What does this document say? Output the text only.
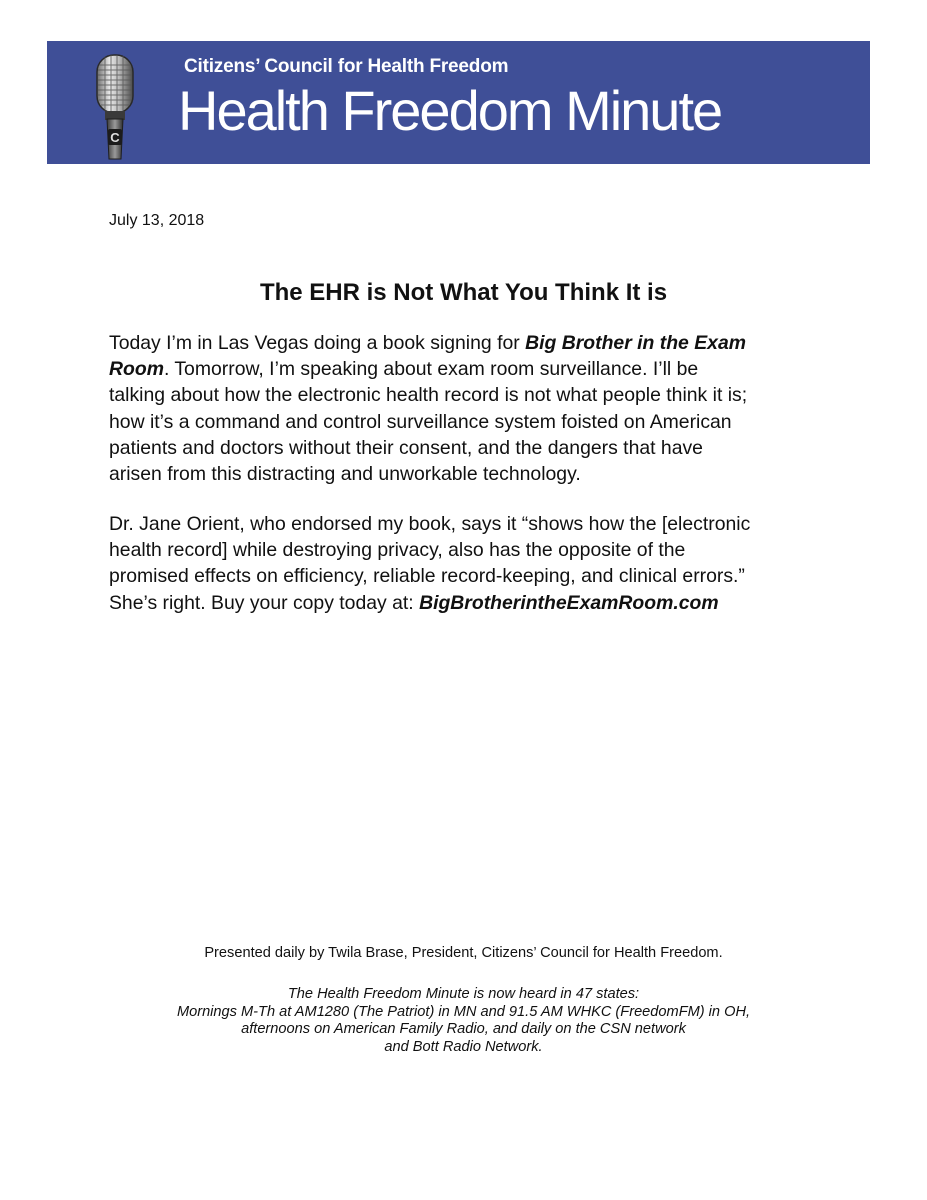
C
Citizens’ Council for Health Freedom
Health Freedom Minute
July 13, 2018
The EHR is Not What You Think It is
Today I’m in Las Vegas doing a book signing for Big Brother in the Exam
Room. Tomorrow, I’m speaking about exam room surveillance. I’ll be
talking about how the electronic health record is not what people think it is;
how it’s a command and control surveillance system foisted on American
patients and doctors without their consent, and the dangers that have
arisen from this distracting and unworkable technology.
Dr. Jane Orient, who endorsed my book, says it “shows how the [electronic
health record] while destroying privacy, also has the opposite of the
promised effects on efficiency, reliable record-keeping, and clinical errors.”
She’s right. Buy your copy today at: BigBrotherintheExamRoom.com
Presented daily by Twila Brase, President, Citizens’ Council for Health Freedom.
The Health Freedom Minute is now heard in 47 states:
Mornings M-Th at AM1280 (The Patriot) in MN and 91.5 AM WHKC (FreedomFM) in OH,
afternoons on American Family Radio, and daily on the CSN network
and Bott Radio Network.
